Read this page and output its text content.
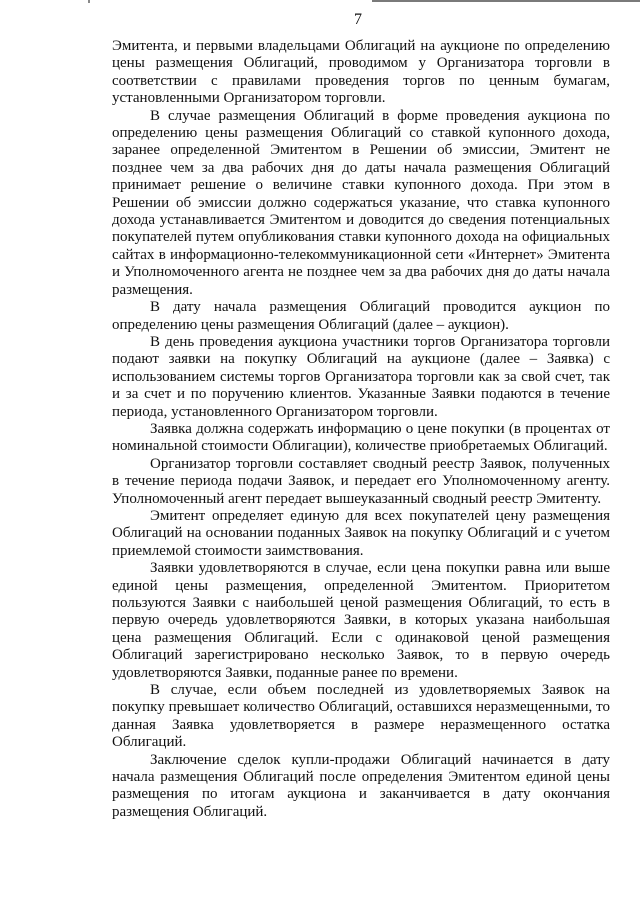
7

Эмитента, и первыми владельцами Облигаций на аукционе по определению цены размещения Облигаций, проводимом у Организатора торговли в соответствии с правилами проведения торгов по ценным бумагам, установленными Организатором торговли.

В случае размещения Облигаций в форме проведения аукциона по определению цены размещения Облигаций со ставкой купонного дохода, заранее определенной Эмитентом в Решении об эмиссии, Эмитент не позднее чем за два рабочих дня до даты начала размещения Облигаций принимает решение о величине ставки купонного дохода. При этом в Решении об эмиссии должно содержаться указание, что ставка купонного дохода устанавливается Эмитентом и доводится до сведения потенциальных покупателей путем опубликования ставки купонного дохода на официальных сайтах в информационно-телекоммуникационной сети «Интернет» Эмитента и Уполномоченного агента не позднее чем за два рабочих дня до даты начала размещения.

В дату начала размещения Облигаций проводится аукцион по определению цены размещения Облигаций (далее – аукцион).

В день проведения аукциона участники торгов Организатора торговли подают заявки на покупку Облигаций на аукционе (далее – Заявка) с использованием системы торгов Организатора торговли как за свой счет, так и за счет и по поручению клиентов. Указанные Заявки подаются в течение периода, установленного Организатором торговли.

Заявка должна содержать информацию о цене покупки (в процентах от номинальной стоимости Облигации), количестве приобретаемых Облигаций.

Организатор торговли составляет сводный реестр Заявок, полученных в течение периода подачи Заявок, и передает его Уполномоченному агенту. Уполномоченный агент передает вышеуказанный сводный реестр Эмитенту.

Эмитент определяет единую для всех покупателей цену размещения Облигаций на основании поданных Заявок на покупку Облигаций и с учетом приемлемой стоимости заимствования.

Заявки удовлетворяются в случае, если цена покупки равна или выше единой цены размещения, определенной Эмитентом. Приоритетом пользуются Заявки с наибольшей ценой размещения Облигаций, то есть в первую очередь удовлетворяются Заявки, в которых указана наибольшая цена размещения Облигаций. Если с одинаковой ценой размещения Облигаций зарегистрировано несколько Заявок, то в первую очередь удовлетворяются Заявки, поданные ранее по времени.

В случае, если объем последней из удовлетворяемых Заявок на покупку превышает количество Облигаций, оставшихся неразмещенными, то данная Заявка удовлетворяется в размере неразмещенного остатка Облигаций.

Заключение сделок купли-продажи Облигаций начинается в дату начала размещения Облигаций после определения Эмитентом единой цены размещения по итогам аукциона и заканчивается в дату окончания размещения Облигаций.
